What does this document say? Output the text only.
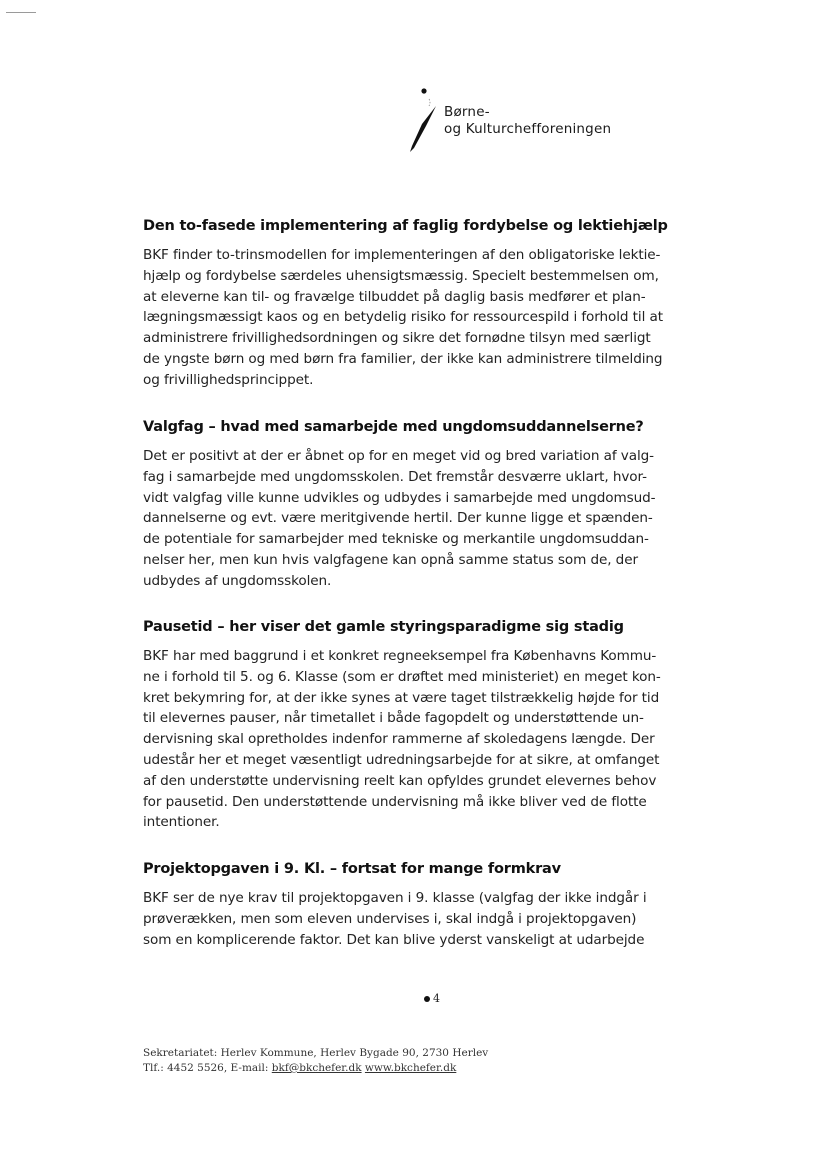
Børne-
og Kulturchefforeningen
Den to-fasede implementering af faglig fordybelse og lektiehjælp
BKF finder to-trinsmodellen for implementeringen af den obligatoriske lektie-
hjælp og fordybelse særdeles uhensigtsmæssig. Specielt bestemmelsen om,
at eleverne kan til- og fravælge tilbuddet på daglig basis medfører et plan-
lægningsmæssigt kaos og en betydelig risiko for ressourcespild i forhold til at
administrere frivillighedsordningen og sikre det fornødne tilsyn med særligt
de yngste børn og med børn fra familier, der ikke kan administrere tilmelding
og frivillighedsprincippet.
Valgfag – hvad med samarbejde med ungdomsuddannelserne?
Det er positivt at der er åbnet op for en meget vid og bred variation af valg-
fag i samarbejde med ungdomsskolen. Det fremstår desværre uklart, hvor-
vidt valgfag ville kunne udvikles og udbydes i samarbejde med ungdomsud-
dannelserne og evt. være meritgivende hertil. Der kunne ligge et spænden-
de potentiale for samarbejder med tekniske og merkantile ungdomsuddan-
nelser her, men kun hvis valgfagene kan opnå samme status som de, der
udbydes af ungdomsskolen.
Pausetid – her viser det gamle styringsparadigme sig stadig
BKF har med baggrund i et konkret regneeksempel fra Københavns Kommu-
ne i forhold til 5. og 6. Klasse (som er drøftet med ministeriet) en meget kon-
kret bekymring for, at der ikke synes at være taget tilstrækkelig højde for tid
til elevernes pauser, når timetallet i både fagopdelt og understøttende un-
dervisning skal opretholdes indenfor rammerne af skoledagens længde. Der
udestår her et meget væsentligt udredningsarbejde for at sikre, at omfanget
af den understøtte undervisning reelt kan opfyldes grundet elevernes behov
for pausetid. Den understøttende undervisning må ikke bliver ved de flotte
intentioner.
Projektopgaven i 9. Kl. – fortsat for mange formkrav
BKF ser de nye krav til projektopgaven i 9. klasse (valgfag der ikke indgår i
prøverækken, men som eleven undervises i, skal indgå i projektopgaven)
som en komplicerende faktor. Det kan blive yderst vanskeligt at udarbejde
4
Sekretariatet: Herlev Kommune, Herlev Bygade 90, 2730 Herlev
Tlf.: 4452 5526, E-mail: bkf@bkchefer.dk www.bkchefer.dk
